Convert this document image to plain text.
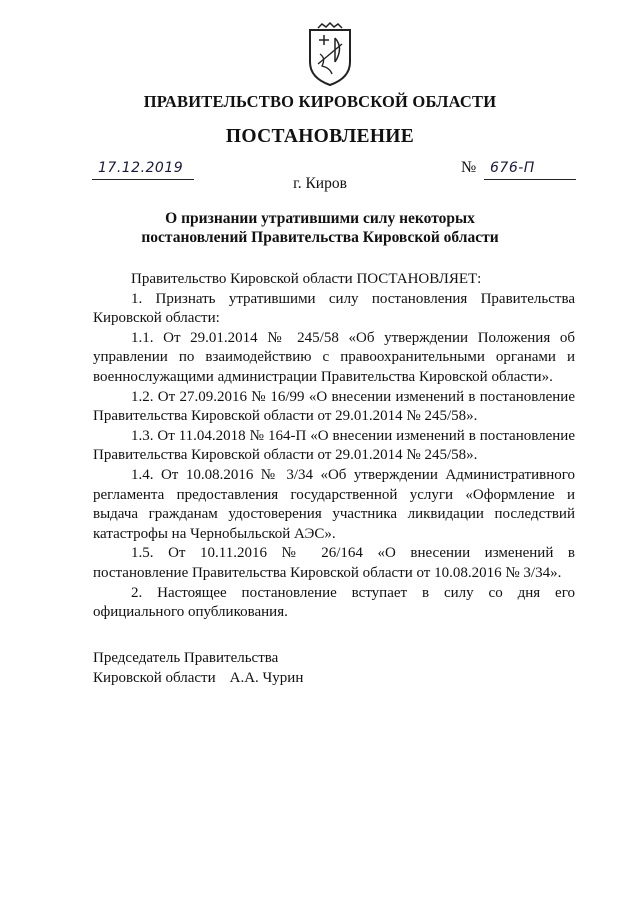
ПРАВИТЕЛЬСТВО КИРОВСКОЙ ОБЛАСТИ
ПОСТАНОВЛЕНИЕ
17.12.2019	№ 676-П
г. Киров
О признании утратившими силу некоторых
постановлений Правительства Кировской области

Правительство Кировской области ПОСТАНОВЛЯЕТ:

1. Признать утратившими силу постановления Правительства Кировской области:

1.1. От 29.01.2014 № 245/58 «Об утверждении Положения об управлении по взаимодействию с правоохранительными органами и военнослужащими администрации Правительства Кировской области».

1.2. От 27.09.2016 № 16/99 «О внесении изменений в постановление Правительства Кировской области от 29.01.2014 № 245/58».

1.3. От 11.04.2018 № 164-П «О внесении изменений в постановление Правительства Кировской области от 29.01.2014 № 245/58».

1.4. От 10.08.2016 № 3/34 «Об утверждении Административного регламента предоставления государственной услуги «Оформление и выдача гражданам удостоверения участника ликвидации последствий катастрофы на Чернобыльской АЭС».

1.5. От 10.11.2016 № 26/164 «О внесении изменений в постановление Правительства Кировской области от 10.08.2016 № 3/34».

2. Настоящее постановление вступает в силу со дня его официального опубликования.

Председатель Правительства
Кировской области А.А. Чурин
